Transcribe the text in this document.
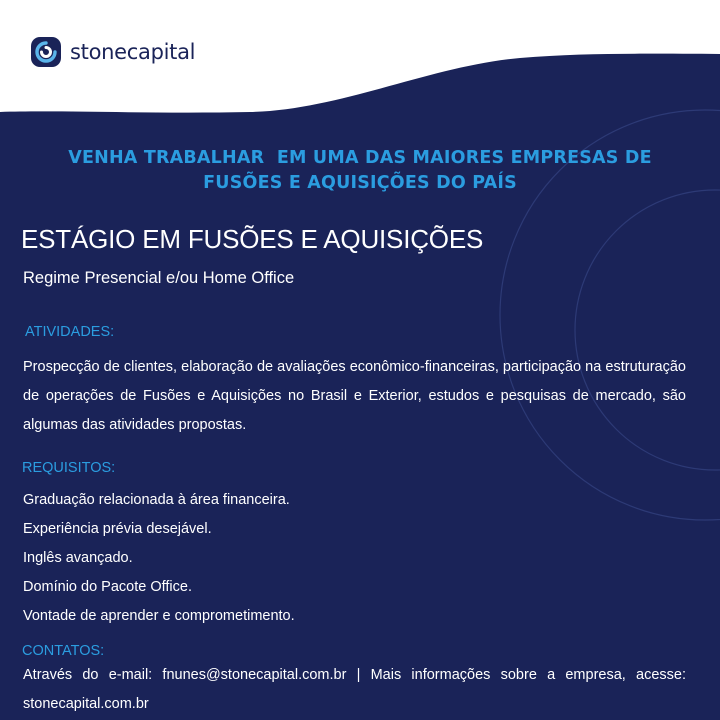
stonecapital
VENHA TRABALHAR  EM UMA DAS MAIORES EMPRESAS DE
FUSÕES E AQUISIÇÕES DO PAÍS
ESTÁGIO EM FUSÕES E AQUISIÇÕES
Regime Presencial e/ou Home Office
ATIVIDADES:
Prospecção de clientes, elaboração de avaliações econômico-financeiras, participação na estruturação de operações de Fusões e Aquisições no Brasil e Exterior, estudos e pesquisas de mercado, são algumas das atividades propostas.
REQUISITOS:
Graduação relacionada à área financeira.
Experiência prévia desejável.
Inglês avançado.
Domínio do Pacote Office.
Vontade de aprender e comprometimento.
CONTATOS:
Através do e-mail: fnunes@stonecapital.com.br | Mais informações sobre a empresa, acesse: stonecapital.com.br
